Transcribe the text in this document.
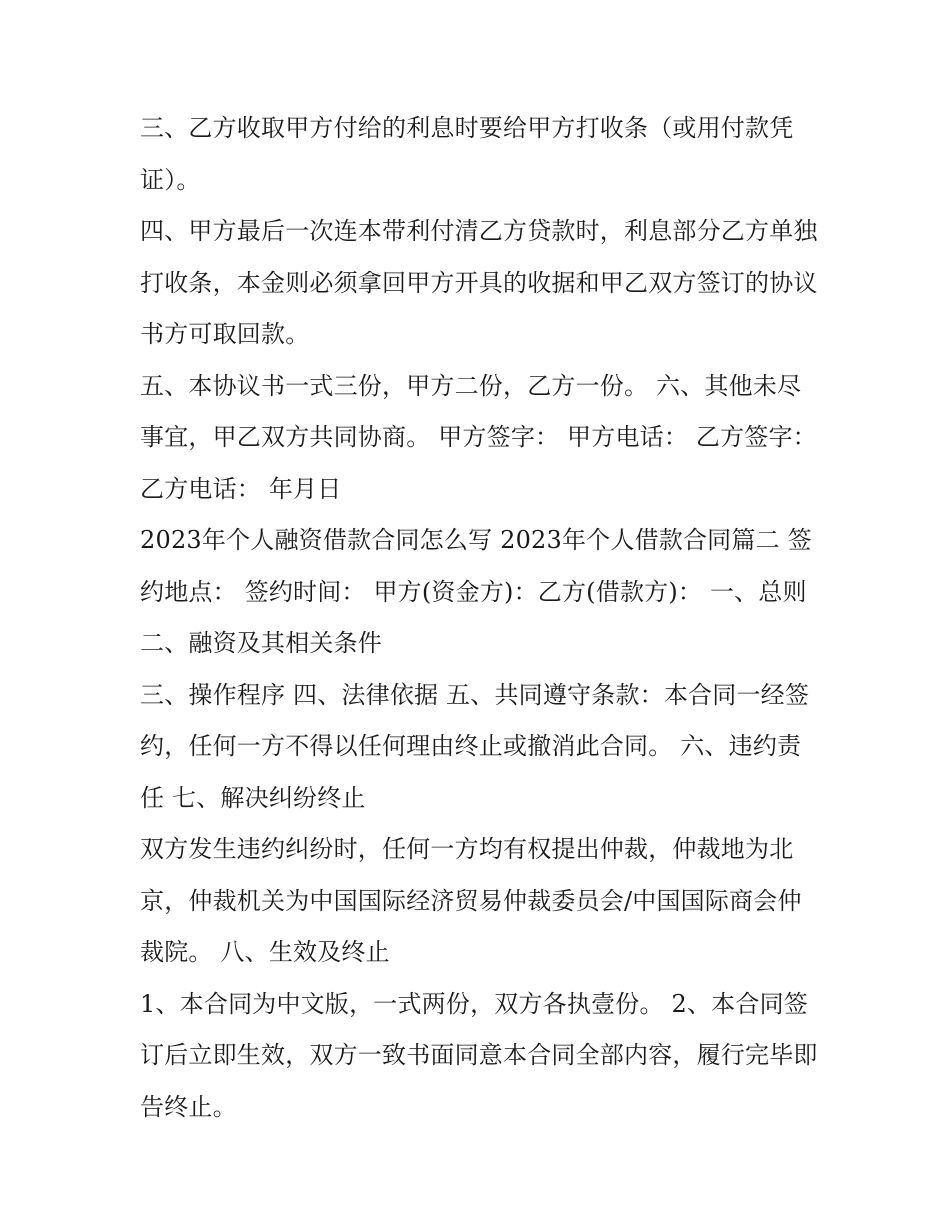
三、乙方收取甲方付给的利息时要给甲方打收条（或用付款凭证）。

四、甲方最后一次连本带利付清乙方贷款时，利息部分乙方单独打收条，本金则必须拿回甲方开具的收据和甲乙双方签订的协议书方可取回款。

五、本协议书一式三份，甲方二份，乙方一份。 六、其他未尽事宜，甲乙双方共同协商。 甲方签字： 甲方电话： 乙方签字： 乙方电话： 年月日

2023年个人融资借款合同怎么写 2023年个人借款合同篇二 签约地点： 签约时间： 甲方(资金方)：乙方(借款方)： 一、总则 二、融资及其相关条件

三、操作程序 四、法律依据 五、共同遵守条款：本合同一经签约，任何一方不得以任何理由终止或撤消此合同。 六、违约责任 七、解决纠纷终止

双方发生违约纠纷时，任何一方均有权提出仲裁，仲裁地为北京，仲裁机关为中国国际经济贸易仲裁委员会/中国国际商会仲裁院。 八、生效及终止

1、本合同为中文版，一式两份，双方各执壹份。 2、本合同签订后立即生效，双方一致书面同意本合同全部内容，履行完毕即告终止。
